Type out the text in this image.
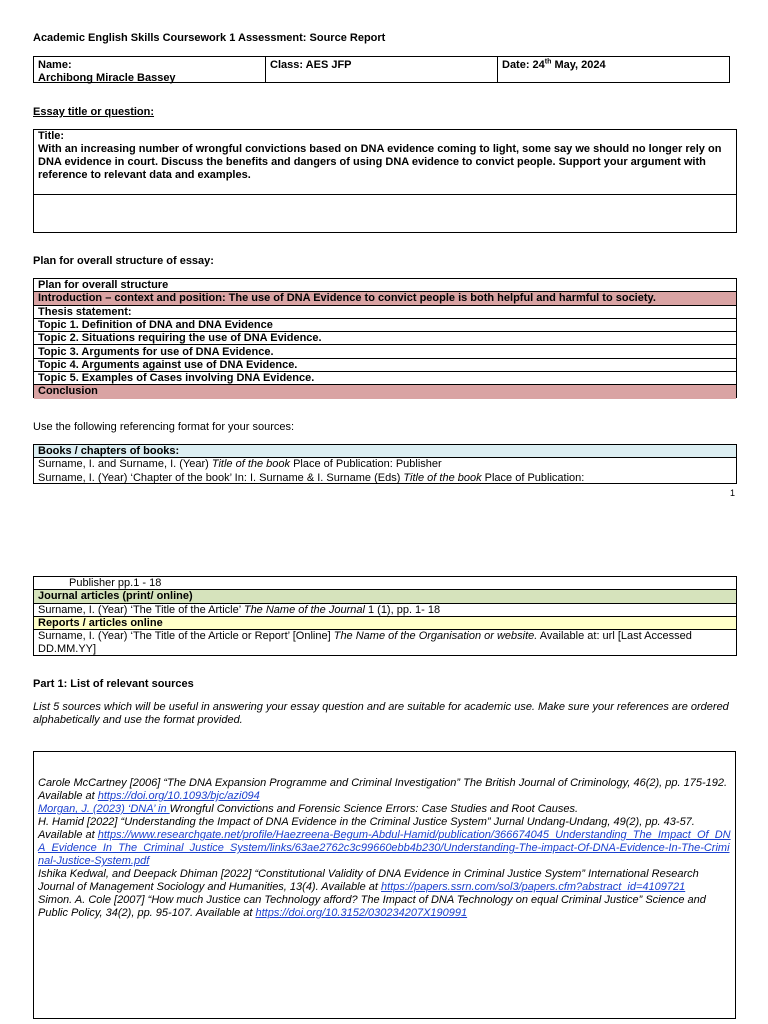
Academic English Skills Coursework 1 Assessment: Source Report
Name:
Archibong Miracle Bassey
Class: AES JFP	Date: 24th May, 2024
Essay title or question:
Title:
With an increasing number of wrongful convictions based on DNA evidence coming to light, some say we should no longer rely on DNA evidence in court. Discuss the benefits and dangers of using DNA evidence to convict people. Support your argument with reference to relevant data and examples.
Plan for overall structure of essay:
Plan for overall structure
Introduction – context and position: The use of DNA Evidence to convict people is both helpful and harmful to society.
Thesis statement:
Topic 1. Definition of DNA and DNA Evidence
Topic 2. Situations requiring the use of DNA Evidence.
Topic 3. Arguments for use of DNA Evidence.
Topic 4. Arguments against use of DNA Evidence.
Topic 5. Examples of Cases involving DNA Evidence.
Conclusion
Use the following referencing format for your sources:
Books / chapters of books:
Surname, I. and Surname, I. (Year) Title of the book Place of Publication: Publisher
Surname, I. (Year) ‘Chapter of the book’ In: I. Surname & I. Surname (Eds) Title of the book Place of Publication:
1
Publisher pp.1 - 18
Journal articles (print/ online)
Surname, I. (Year) ‘The Title of the Article’ The Name of the Journal 1 (1), pp. 1- 18
Reports / articles online
Surname, I. (Year) ‘The Title of the Article or Report’ [Online] The Name of the Organisation or website. Available at: url [Last Accessed DD.MM.YY]
Part 1: List of relevant sources
List 5 sources which will be useful in answering your essay question and are suitable for academic use. Make sure your references are ordered alphabetically and use the format provided.

Carole McCartney [2006] “The DNA Expansion Programme and Criminal Investigation” The British Journal of Criminology, 46(2), pp. 175-192. Available at https://doi.org/10.1093/bjc/azi094

Morgan, J. (2023) ‘DNA’ in Wrongful Convictions and Forensic Science Errors: Case Studies and Root Causes.

H. Hamid [2022] “Understanding the Impact of DNA Evidence in the Criminal Justice System” Jurnal Undang-Undang, 49(2), pp. 43-57. Available at https://www.researchgate.net/profile/Haezreena-Begum-Abdul-Hamid/publication/366674045_Understanding_The_Impact_Of_DNA_Evidence_In_The_Criminal_Justice_System/links/63ae2762c3c99660ebb4b230/Understanding-The-impact-Of-DNA-Evidence-In-The-Criminal-Justice-System.pdf

Ishika Kedwal, and Deepack Dhiman [2022] “Constitutional Validity of DNA Evidence in Criminal Justice System” International Research Journal of Management Sociology and Humanities, 13(4). Available at https://papers.ssrn.com/sol3/papers.cfm?abstract_id=4109721

Simon. A. Cole [2007] “How much Justice can Technology afford? The Impact of DNA Technology on equal Criminal Justice” Science and Public Policy, 34(2), pp. 95-107. Available at https://doi.org/10.3152/030234207X190991
